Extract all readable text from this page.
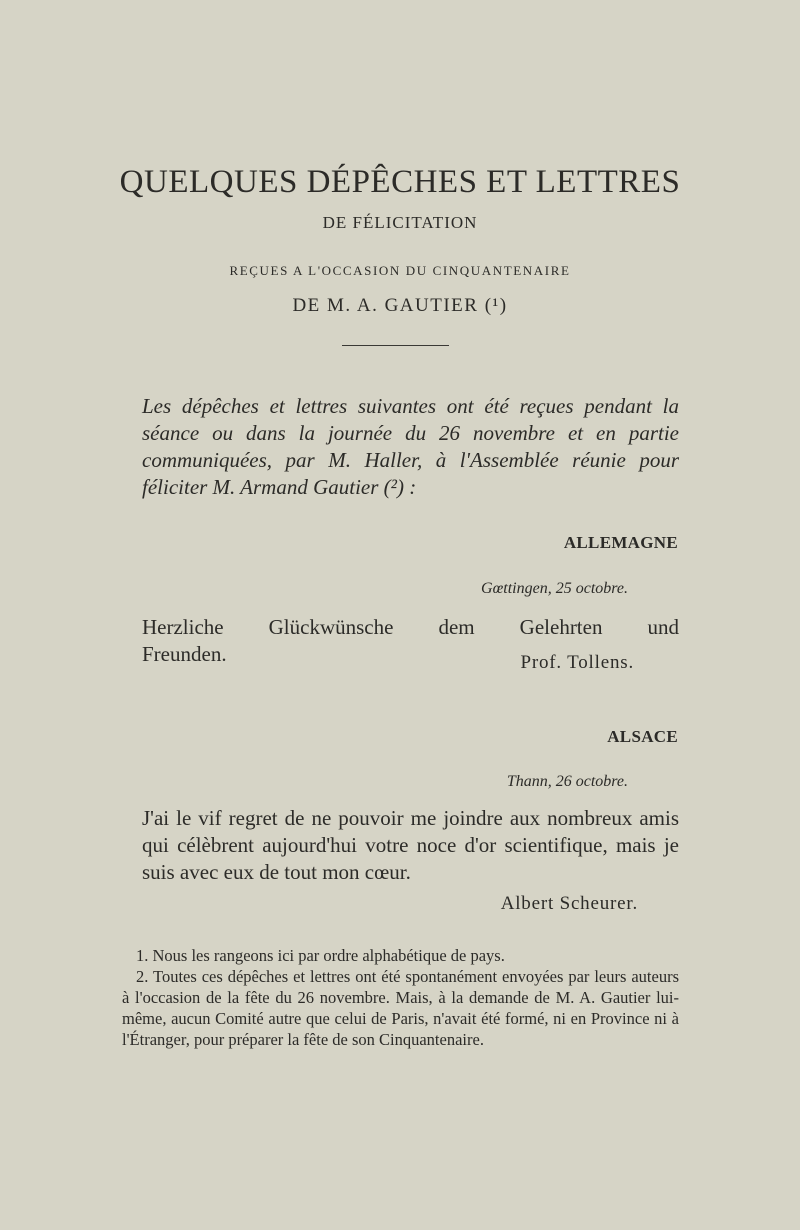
QUELQUES DÉPÊCHES ET LETTRES
DE FÉLICITATION
REÇUES A L'OCCASION DU CINQUANTENAIRE
DE M. A. GAUTIER (¹)
Les dépêches et lettres suivantes ont été reçues pendant la séance ou dans la journée du 26 novembre et en partie communiquées, par M. Haller, à l'Assemblée réunie pour féliciter M. Armand Gautier (²) :
ALLEMAGNE
Gœttingen, 25 octobre.
Herzliche Glückwünsche dem Gelehrten und
Freunden.	Prof. Tollens.
ALSACE
Thann, 26 octobre.
J'ai le vif regret de ne pouvoir me joindre aux nombreux amis qui célèbrent aujourd'hui votre noce d'or scientifique, mais je suis avec eux de tout mon cœur.
Albert Scheurer.

1. Nous les rangeons ici par ordre alphabétique de pays.

2. Toutes ces dépêches et lettres ont été spontanément envoyées par leurs auteurs à l'occasion de la fête du 26 novembre. Mais, à la demande de M. A. Gautier lui-même, aucun Comité autre que celui de Paris, n'avait été formé, ni en Province ni à l'Étranger, pour préparer la fête de son Cinquantenaire.
